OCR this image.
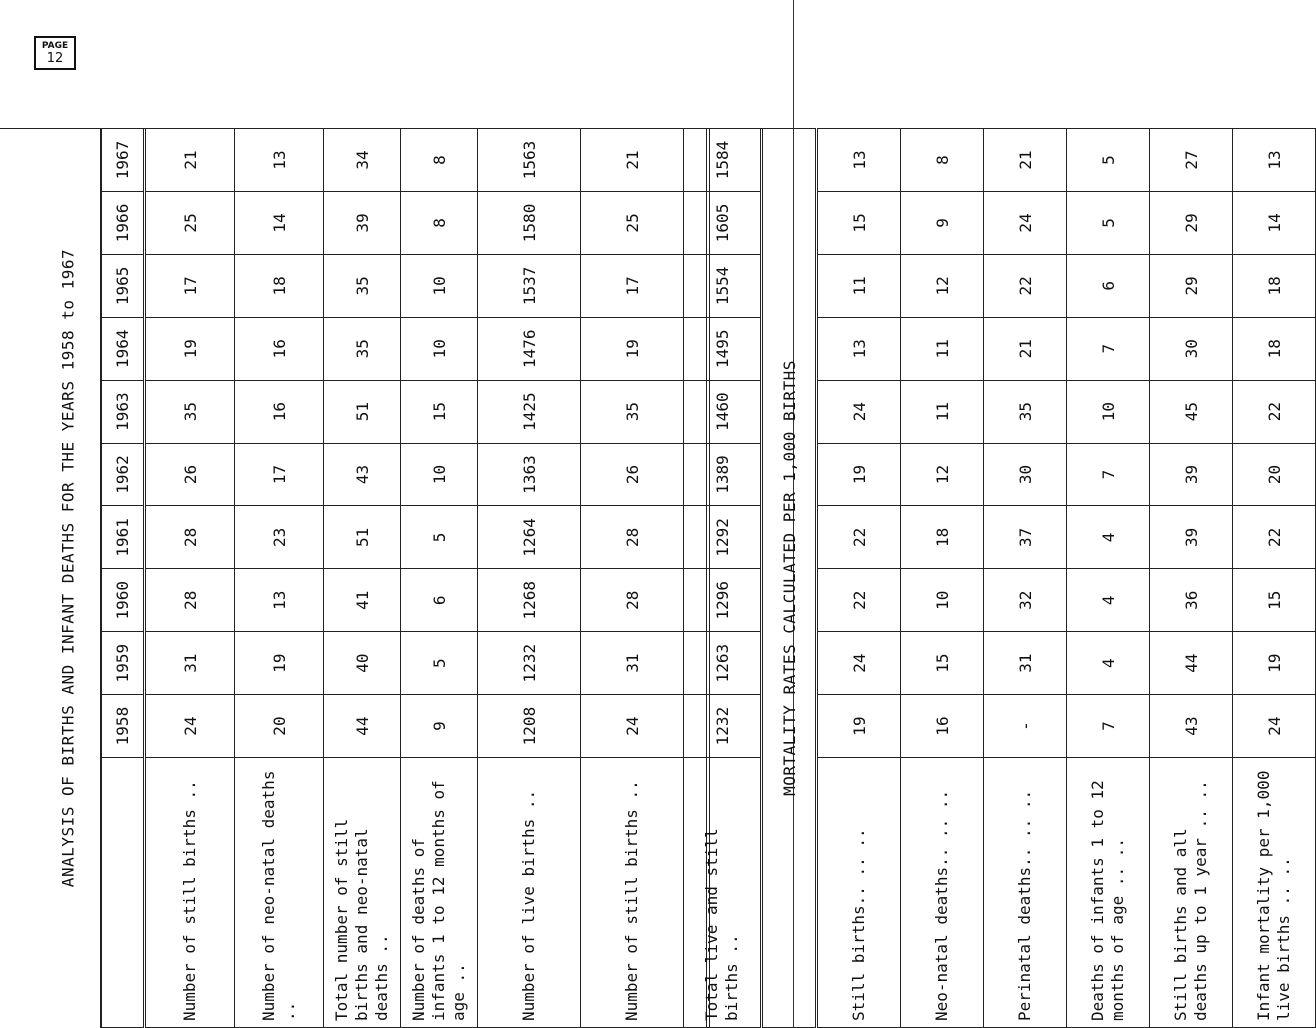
PAGE
12
ANALYSIS OF BIRTHS AND INFANT DEATHS FOR THE YEARS 1958 to 1967
	1958	1959	1960	1961	1962	1963	1964	1965	1966	1967
Number of still births ..	24	31	28	28	26	35	19	17	25	21
Number of neo-natal deaths ..	20	19	13	23	17	16	16	18	14	13
Total number of still births and neo-natal deaths ..	44	40	41	51	43	51	35	35	39	34
Number of deaths of infants 1 to 12 months of age ..	9	5	6	5	10	15	10	10	8	8
Number of live births ..	1208	1232	1268	1264	1363	1425	1476	1537	1580	1563
Number of still births ..	24	31	28	28	26	35	19	17	25	21
Total live and still births ..	1232	1263	1296	1292	1389	1460	1495	1554	1605	1584
MORTALITY RATES CALCULATED PER 1,000 BIRTHS										
Still births.. .. ..	19	24	22	22	19	24	13	11	15	13
Neo-natal deaths.. .. ..	16	15	10	18	12	11	11	12	9	8
Perinatal deaths.. .. ..	-	31	32	37	30	35	21	22	24	21
Deaths of infants 1 to 12 months of age .. ..	7	4	4	4	7	10	7	6	5	5
Still births and all deaths up to 1 year .. ..	43	44	36	39	39	45	30	29	29	27
Infant mortality per 1,000 live births .. ..	24	19	15	22	20	22	18	18	14	13
